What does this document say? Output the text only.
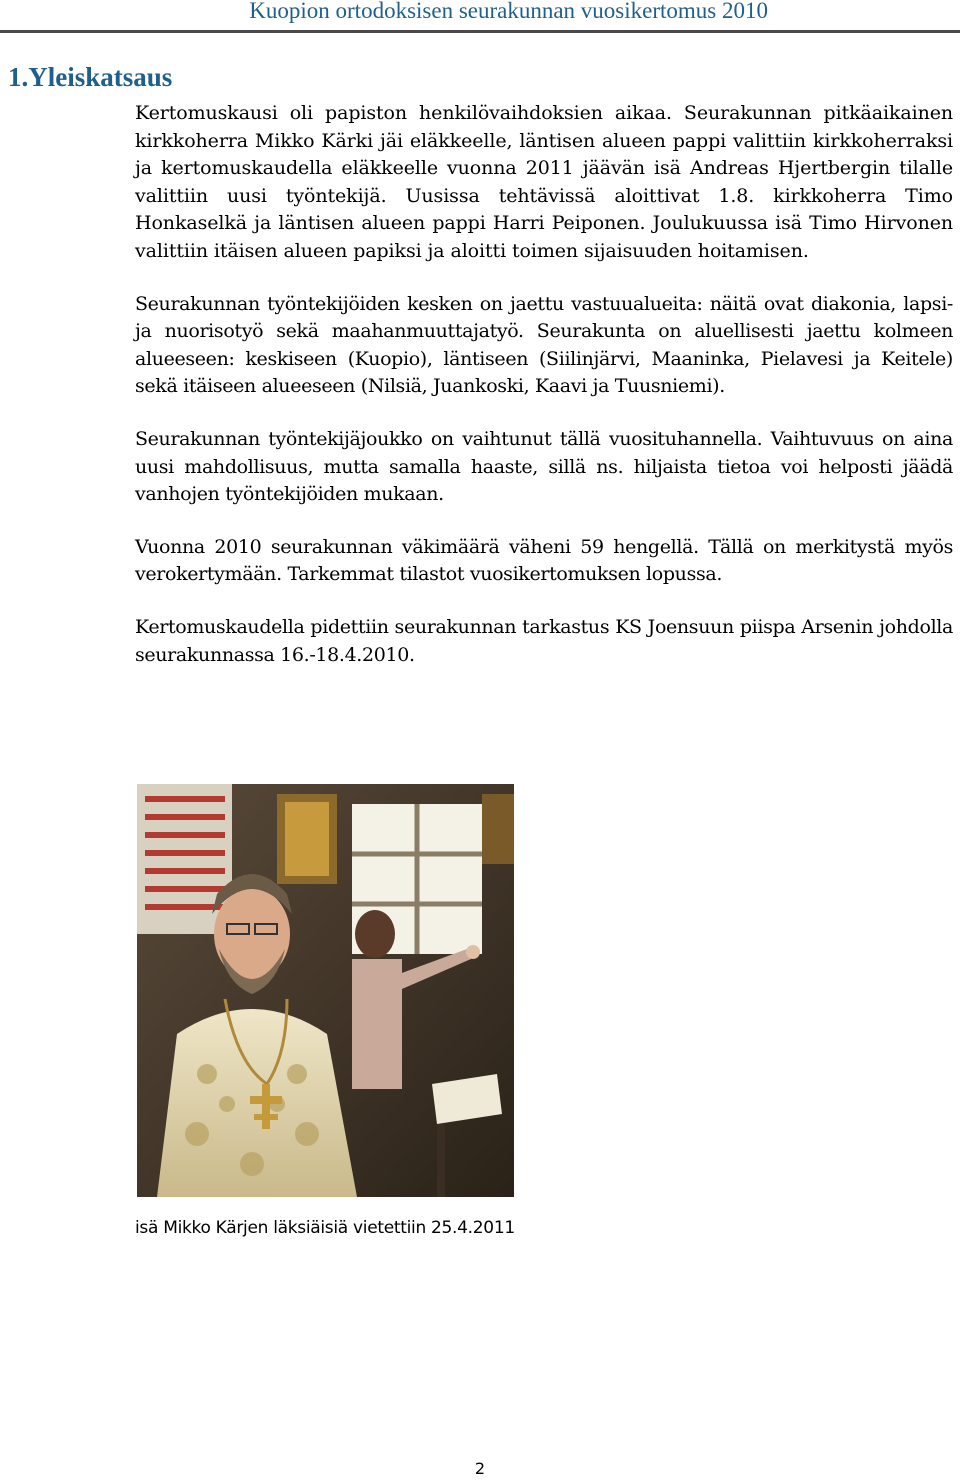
Kuopion ortodoksisen seurakunnan vuosikertomus 2010
1.Yleiskatsaus

Kertomuskausi oli papiston henkilövaihdoksien aikaa. Seurakunnan pitkäaikainen kirkkoherra Mikko Kärki jäi eläkkeelle, läntisen alueen pappi valittiin kirkkoherraksi ja kertomuskaudella eläkkeelle vuonna 2011 jäävän isä Andreas Hjertbergin tilalle valittiin uusi työntekijä. Uusissa tehtävissä aloittivat 1.8. kirkkoherra Timo Honkaselkä ja läntisen alueen pappi Harri Peiponen. Joulukuussa isä Timo Hirvonen valittiin itäisen alueen papiksi ja aloitti toimen sijaisuuden hoitamisen.

Seurakunnan työntekijöiden kesken on jaettu vastuualueita: näitä ovat diakonia, lapsi- ja nuorisotyö sekä maahanmuuttajatyö. Seurakunta on aluellisesti jaettu kolmeen alueeseen: keskiseen (Kuopio), läntiseen (Siilinjärvi, Maaninka, Pielavesi ja Keitele) sekä itäiseen alueeseen (Nilsiä, Juankoski, Kaavi ja Tuusniemi).

Seurakunnan työntekijäjoukko on vaihtunut tällä vuosituhannella. Vaihtuvuus on aina uusi mahdollisuus, mutta samalla haaste, sillä ns. hiljaista tietoa voi helposti jäädä vanhojen työntekijöiden mukaan.

Vuonna 2010 seurakunnan väkimäärä väheni 59 hengellä. Tällä on merkitystä myös verokertymään. Tarkemmat tilastot vuosikertomuksen lopussa.

Kertomuskaudella pidettiin seurakunnan tarkastus KS Joensuun piispa Arsenin johdolla seurakunnassa 16.-18.4.2010.

isä Mikko Kärjen läksiäisiä vietettiin 25.4.2011
2
